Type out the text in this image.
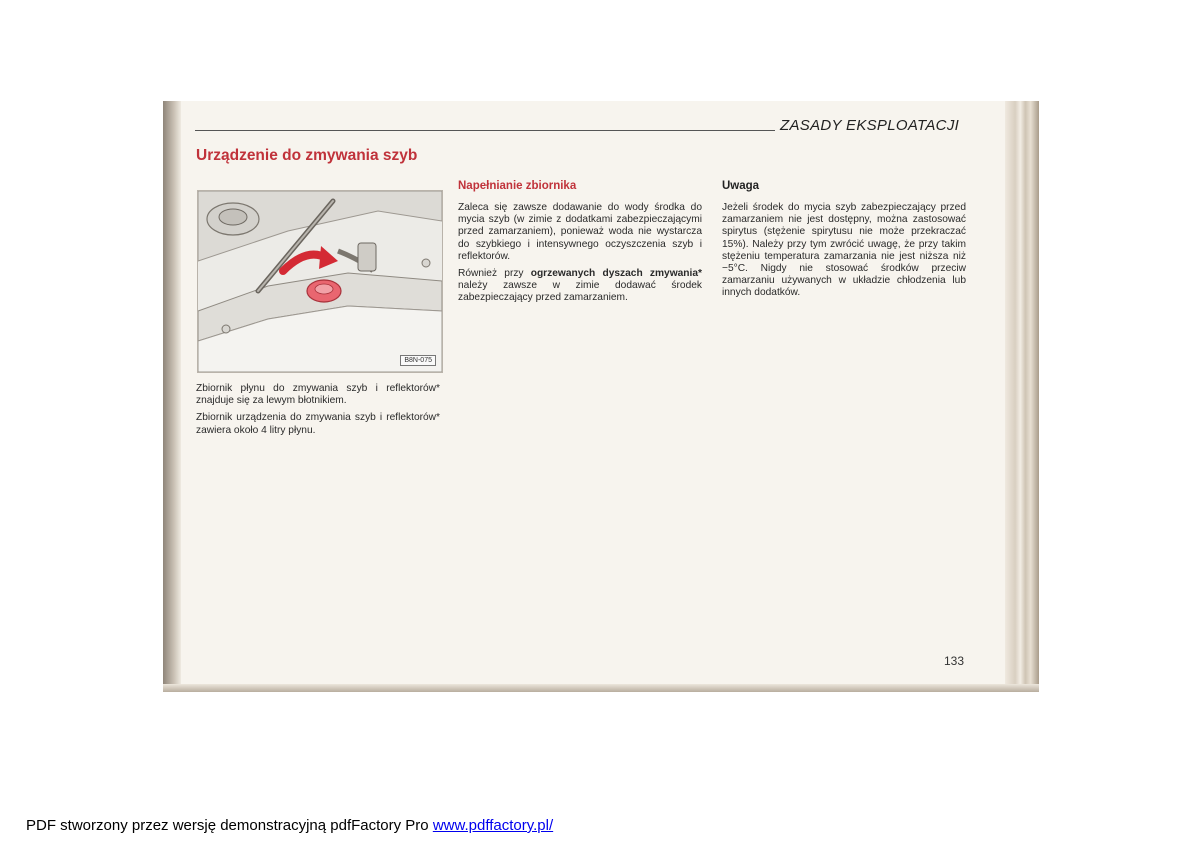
ZASADY EKSPLOATACJI
Urządzenie do zmywania szyb
B8N-075

Zbiornik płynu do zmywania szyb i reflektorów* znajduje się za lewym błotnikiem.

Zbiornik urządzenia do zmywania szyb i reflektorów* zawiera około 4 litry płynu.

Napełnianie zbiornika

Zaleca się zawsze dodawanie do wody środka do mycia szyb (w zimie z dodatkami zabezpieczającymi przed zamarzaniem), ponieważ woda nie wystarcza do szybkiego i intensywnego oczyszczenia szyb i reflektorów.

Również przy ogrzewanych dyszach zmywania* należy zawsze w zimie dodawać środek zabezpieczający przed zamarzaniem.

Uwaga

Jeżeli środek do mycia szyb zabezpieczający przed zamarzaniem nie jest dostępny, można zastosować spirytus (stężenie spirytusu nie może przekraczać 15%). Należy przy tym zwrócić uwagę, że przy takim stężeniu temperatura zamarzania nie jest niższa niż −5°C. Nigdy nie stosować środków przeciw zamarzaniu używanych w układzie chłodzenia lub innych dodatków.

133
PDF stworzony przez wersję demonstracyjną pdfFactory Pro www.pdffactory.pl/
